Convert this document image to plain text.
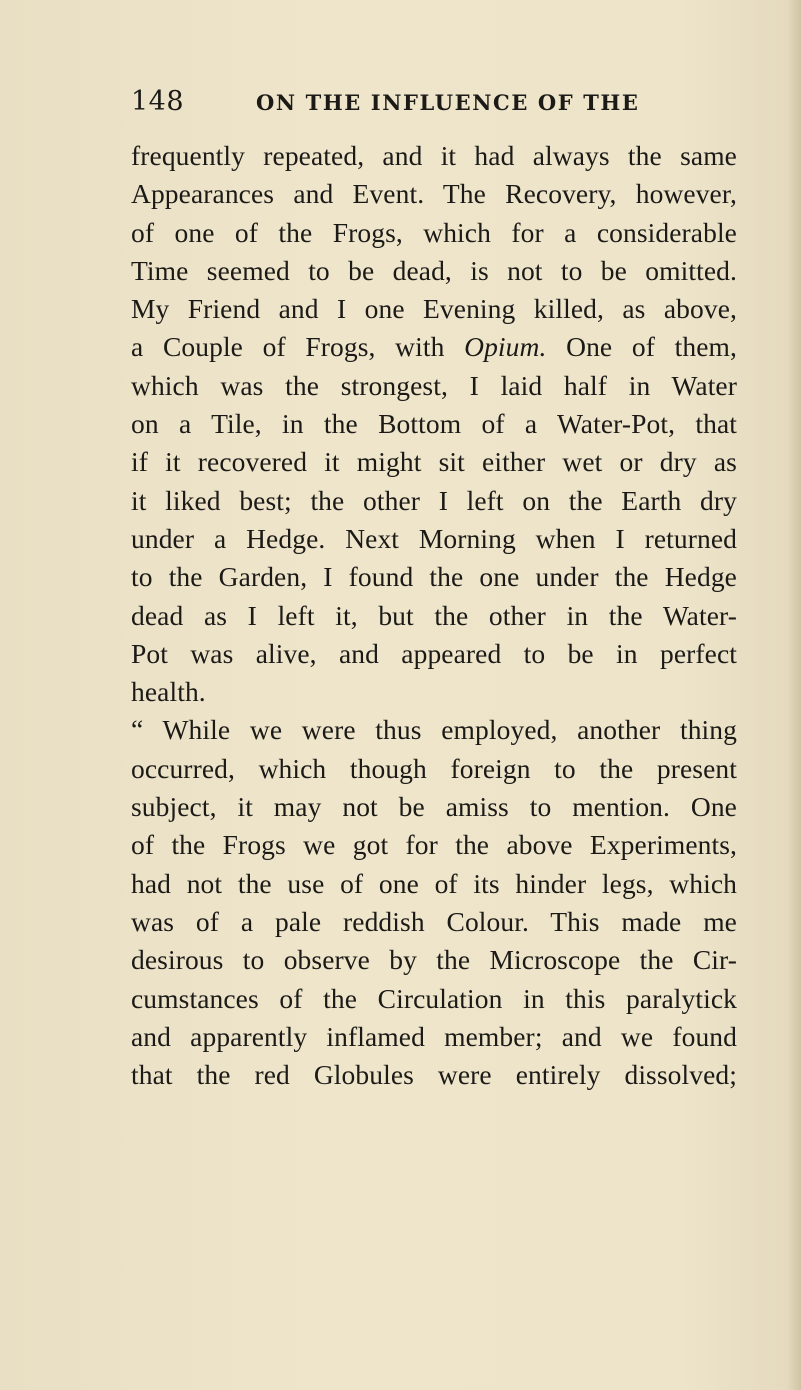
148	ON THE INFLUENCE OF THE
frequently repeated, and it had always the same
Appearances and Event. The Recovery, however,
of one of the Frogs, which for a considerable
Time seemed to be dead, is not to be omitted.
My Friend and I one Evening killed, as above,
a Couple of Frogs, with Opium. One of them,
which was the strongest, I laid half in Water
on a Tile, in the Bottom of a Water-Pot, that
if it recovered it might sit either wet or dry as
it liked best; the other I left on the Earth dry
under a Hedge. Next Morning when I returned
to the Garden, I found the one under the Hedge
dead as I left it, but the other in the Water-
Pot was alive, and appeared to be in perfect
health.
“ While we were thus employed, another thing
occurred, which though foreign to the present
subject, it may not be amiss to mention. One
of the Frogs we got for the above Experiments,
had not the use of one of its hinder legs, which
was of a pale reddish Colour. This made me
desirous to observe by the Microscope the Cir-
cumstances of the Circulation in this paralytick
and apparently inflamed member; and we found
that the red Globules were entirely dissolved;
